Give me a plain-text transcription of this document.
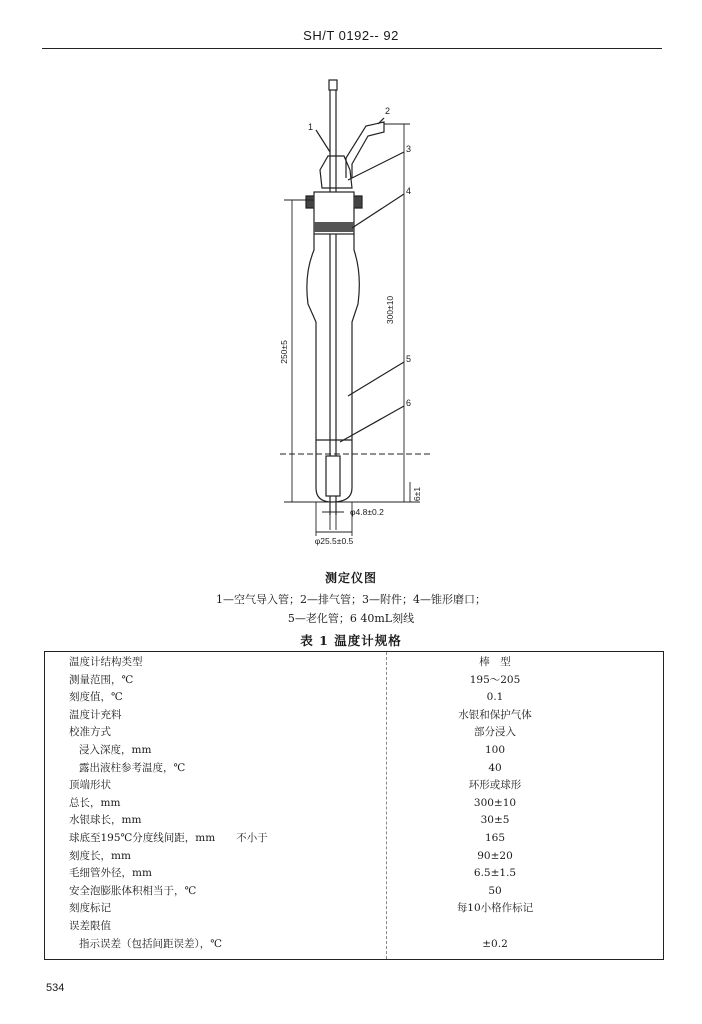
SH/T 0192-- 92
1
2
3
4
5
6
300±10
250±5
6±1
φ4.8±0.2
φ25.5±0.5
测定仪图
1—空气导入管；2—排气管；3—附件；4—锥形磨口；
5—老化管；6 40mL刻线
表 1 温度计规格
温度计结构类型	棒　型
测量范围，℃	195～205
刻度值，℃	0.1
温度计充料	水银和保护气体
校准方式	部分浸入
浸入深度，mm	100
露出液柱参考温度，℃	40
顶端形状	环形或球形
总长，mm	300±10
水银球长，mm	30±5
球底至195℃分度线间距，mm　　不小于	165
刻度长，mm	90±20
毛细管外径，mm	6.5±1.5
安全泡膨胀体积相当于，℃	50
刻度标记	每10小格作标记
误差限值
指示误差（包括间距误差），℃	±0.2
534
